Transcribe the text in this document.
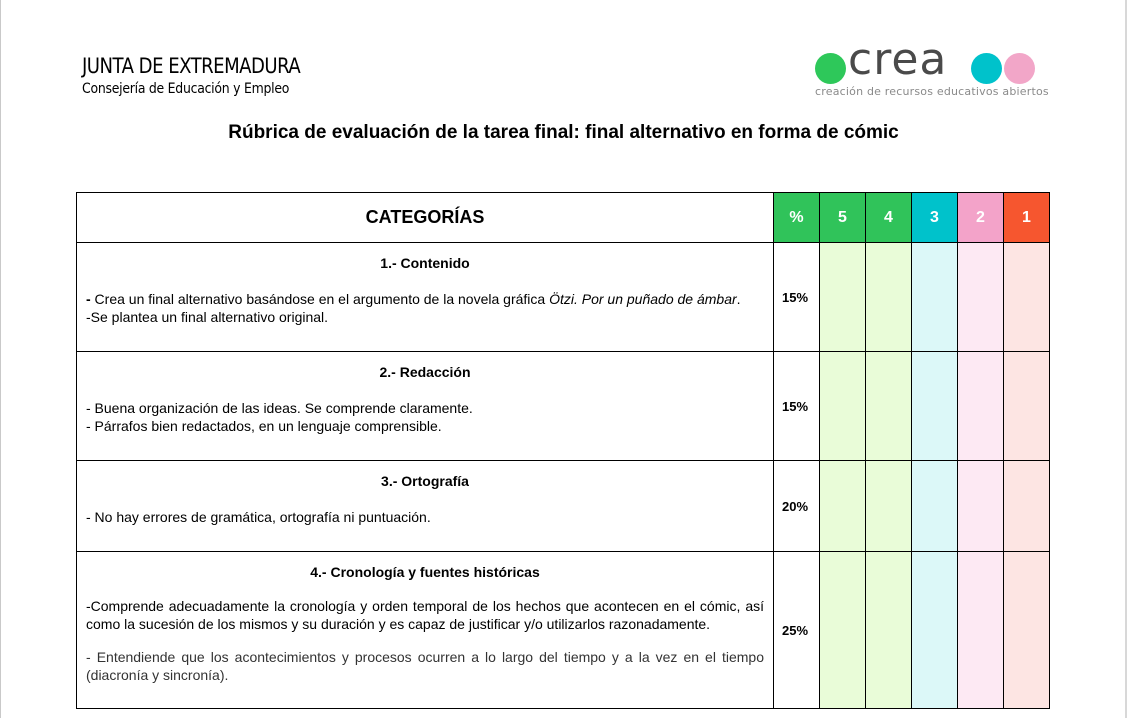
JUNTA DE EXTREMADURA
Consejería de Educación y Empleo
crea
creación de recursos educativos abiertos
Rúbrica de evaluación de la tarea final: final alternativo en forma de cómic
CATEGORÍAS	%	5	4	3	2	1

1.- Contenido
- Crea un final alternativo basándose en el argumento de la novela gráfica Ötzi. Por un puñado de ámbar.
-Se plantea un final alternativo original.	15%					

2.- Redacción
- Buena organización de las ideas. Se comprende claramente.
- Párrafos bien redactados, en un lenguaje comprensible.	15%					

3.- Ortografía
- No hay errores de gramática, ortografía ni puntuación.	20%					

4.- Cronología y fuentes históricas
-Comprende adecuadamente la cronología y orden temporal de los hechos que acontecen en el cómic, así como la sucesión de los mismos y su duración y es capaz de justificar y/o utilizarlos razonadamente.
- Entendiende que los acontecimientos y procesos ocurren a lo largo del tiempo y a la vez en el tiempo (diacronía y sincronía).	25%					
